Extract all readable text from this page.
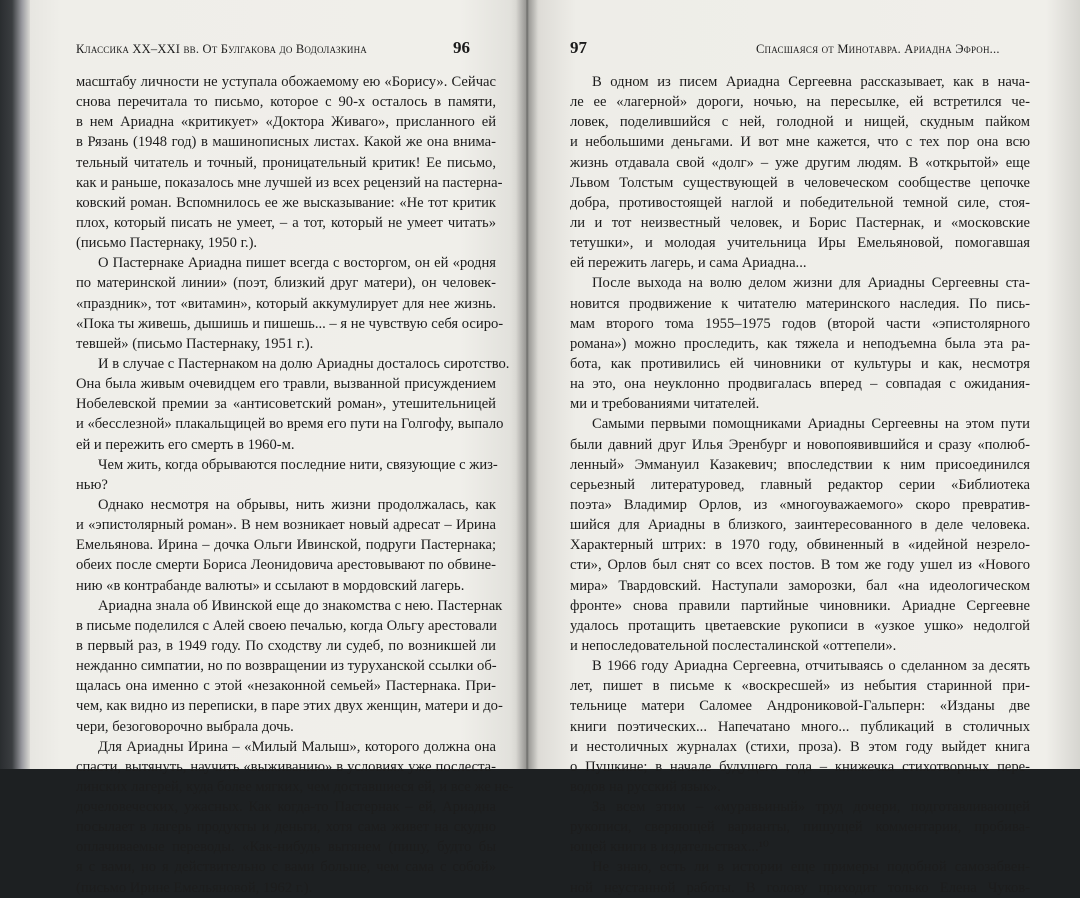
Классика XX–XXI вв. От Булгакова до Водолазкина	96
масштабу личности не уступала обожаемому ею «Борису». Сейчас
снова перечитала то письмо, которое с 90-х осталось в памяти,
в нем Ариадна «критикует» «Доктора Живаго», присланного ей
в Рязань (1948 год) в машинописных листах. Какой же она внима-
тельный читатель и точный, проницательный критик! Ее письмо,
как и раньше, показалось мне лучшей из всех рецензий на пастерна-
ковский роман. Вспомнилось ее же высказывание: «Не тот критик
плох, который писать не умеет, – а тот, который не умеет читать»
(письмо Пастернаку, 1950 г.).
О Пастернаке Ариадна пишет всегда с восторгом, он ей «родня
по материнской линии» (поэт, близкий друг матери), он человек-
«праздник», тот «витамин», который аккумулирует для нее жизнь.
«Пока ты живешь, дышишь и пишешь... – я не чувствую себя осиро-
тевшей» (письмо Пастернаку, 1951 г.).
И в случае с Пастернаком на долю Ариадны досталось сиротство.
Она была живым очевидцем его травли, вызванной присуждением
Нобелевской премии за «антисоветский роман», утешительницей
и «бесслезной» плакальщицей во время его пути на Голгофу, выпало
ей и пережить его смерть в 1960-м.
Чем жить, когда обрываются последние нити, связующие с жиз-
нью?
Однако несмотря на обрывы, нить жизни продолжалась, как
и «эпистолярный роман». В нем возникает новый адресат – Ирина
Емельянова. Ирина – дочка Ольги Ивинской, подруги Пастернака;
обеих после смерти Бориса Леонидовича арестовывают по обвине-
нию «в контрабанде валюты» и ссылают в мордовский лагерь.
Ариадна знала об Ивинской еще до знакомства с нею. Пастернак
в письме поделился с Алей своею печалью, когда Ольгу арестовали
в первый раз, в 1949 году. По сходству ли судеб, по возникшей ли
нежданно симпатии, но по возвращении из туруханской ссылки об-
щалась она именно с этой «незаконной семьей» Пастернака. При-
чем, как видно из переписки, в паре этих двух женщин, матери и до-
чери, безоговорочно выбрала дочь.
Для Ариадны Ирина – «Милый Малыш», которого должна она
спасти, вытянуть, научить «выживанию» в условиях уже послеста-
линских лагерей, куда более мягких, чем доставшиеся ей, и все же не-
дочеловеческих, ужасных. Как когда-то Пастернак – ей, Ариадна
посылает в лагерь продукты и деньги, хотя сама живет на скудно
оплачиваемые переводы. «Как-нибудь вытянем (пишу, будто бы
я с вами, но я действительно с вами больше, чем сама с собой»
(письмо Ирине Емельяновой, 1962 г.).
97	Спасшаяся от Минотавра. Ариадна Эфрон...
В одном из писем Ариадна Сергеевна рассказывает, как в нача-
ле ее «лагерной» дороги, ночью, на пересылке, ей встретился че-
ловек, поделившийся с ней, голодной и нищей, скудным пайком
и небольшими деньгами. И вот мне кажется, что с тех пор она всю
жизнь отдавала свой «долг» – уже другим людям. В «открытой» еще
Львом Толстым существующей в человеческом сообществе цепочке
добра, противостоящей наглой и победительной темной силе, стоя-
ли и тот неизвестный человек, и Борис Пастернак, и «московские
тетушки», и молодая учительница Иры Емельяновой, помогавшая
ей пережить лагерь, и сама Ариадна...
После выхода на волю делом жизни для Ариадны Сергеевны ста-
новится продвижение к читателю материнского наследия. По пись-
мам второго тома 1955–1975 годов (второй части «эпистолярного
романа») можно проследить, как тяжела и неподъемна была эта ра-
бота, как противились ей чиновники от культуры и как, несмотря
на это, она неуклонно продвигалась вперед – совпадая с ожидания-
ми и требованиями читателей.
Самыми первыми помощниками Ариадны Сергеевны на этом пути
были давний друг Илья Эренбург и новопоявившийся и сразу «полюб-
ленный» Эммануил Казакевич; впоследствии к ним присоединился
серьезный литературовед, главный редактор серии «Библиотека
поэта» Владимир Орлов, из «многоуважаемого» скоро превратив-
шийся для Ариадны в близкого, заинтересованного в деле человека.
Характерный штрих: в 1970 году, обвиненный в «идейной незрело-
сти», Орлов был снят со всех постов. В том же году ушел из «Нового
мира» Твардовский. Наступали заморозки, бал «на идеологическом
фронте» снова правили партийные чиновники. Ариадне Сергеевне
удалось протащить цветаевские рукописи в «узкое ушко» недолгой
и непоследовательной послесталинской «оттепели».
В 1966 году Ариадна Сергеевна, отчитываясь о сделанном за десять
лет, пишет в письме к «воскресшей» из небытия старинной при-
тельнице матери Саломее Андрониковой-Гальперн: «Изданы две
книги поэтических... Напечатано много... публикаций в столичных
и нестоличных журналах (стихи, проза). В этом году выйдет книга
о Пушкине; в начале будущего года – книжечка стихотворных пере-
водов на русский язык».
За всем этим – «муравьиный» труд дочери, подготавливающей
рукописи, сверяющей варианты, пишущей комментарии, пробива-
ющей книги в издательствах...¹⁰
Не знаю, есть ли в истории еще примеры подобной самозабвен-
ной неустанной работы. В голову приходит только Елена Чуков-
